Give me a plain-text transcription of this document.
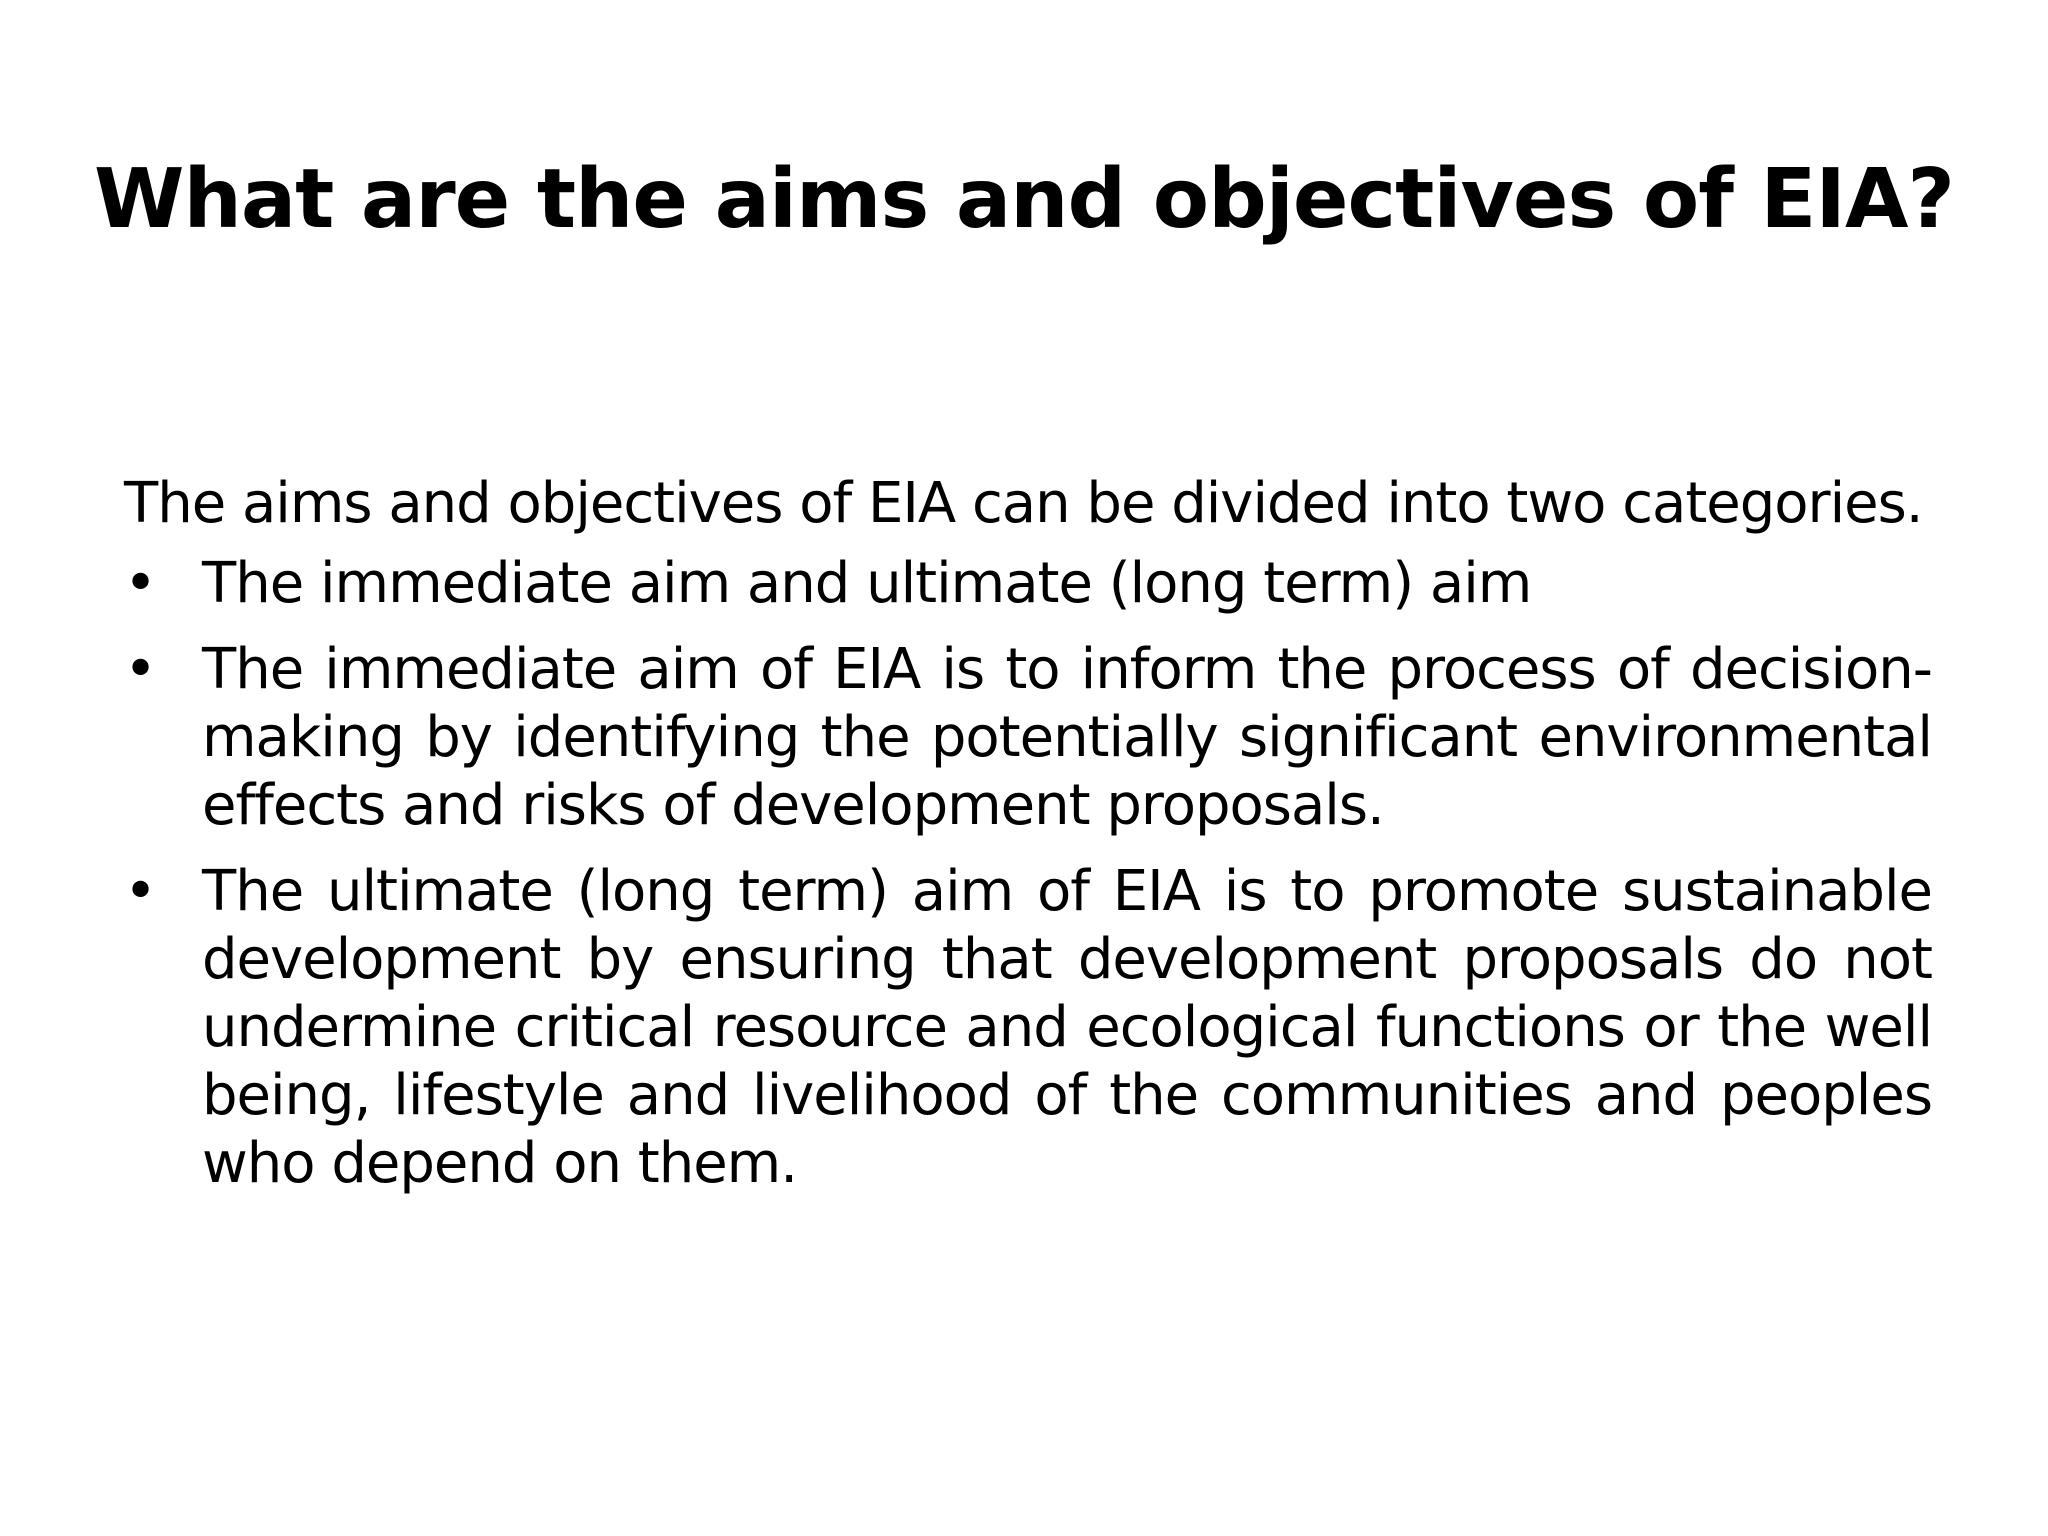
What are the aims and objectives of EIA?

The aims and objectives of EIA can be divided into two categories.

• The immediate aim and ultimate (long term) aim
• The immediate aim of EIA is to inform the process of decision-making by identifying the potentially significant environmental effects and risks of development proposals.
• The ultimate (long term) aim of EIA is to promote sustainable development by ensuring that development proposals do not undermine critical resource and ecological functions or the well being, lifestyle and livelihood of the communities and peoples who depend on them.
